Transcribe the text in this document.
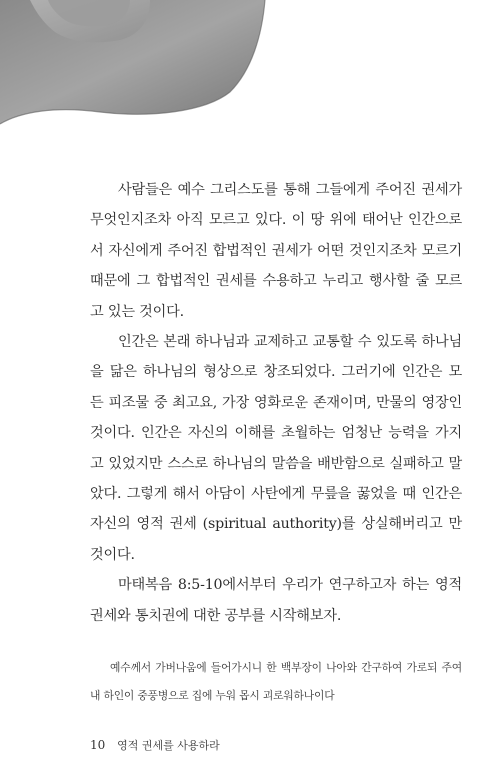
사람들은 예수 그리스도를 통해 그들에게 주어진 권세가 무엇인지조차 아직 모르고 있다. 이 땅 위에 태어난 인간으로서 자신에게 주어진 합법적인 권세가 어떤 것인지조차 모르기 때문에 그 합법적인 권세를 수용하고 누리고 행사할 줄 모르고 있는 것이다.

인간은 본래 하나님과 교제하고 교통할 수 있도록 하나님을 닮은 하나님의 형상으로 창조되었다. 그러기에 인간은 모든 피조물 중 최고요, 가장 영화로운 존재이며, 만물의 영장인 것이다. 인간은 자신의 이해를 초월하는 엄청난 능력을 가지고 있었지만 스스로 하나님의 말씀을 배반함으로 실패하고 말았다. 그렇게 해서 아담이 사탄에게 무릎을 꿇었을 때 인간은 자신의 영적 권세 (spiritual authority)를 상실해버리고 만 것이다.

마태복음 8:5-10에서부터 우리가 연구하고자 하는 영적 권세와 통치권에 대한 공부를 시작해보자.

예수께서 가버나움에 들어가시니 한 백부장이 나아와 간구하여 가로되 주여 내 하인이 중풍병으로 집에 누워 몹시 괴로워하나이다

10 영적 권세를 사용하라
